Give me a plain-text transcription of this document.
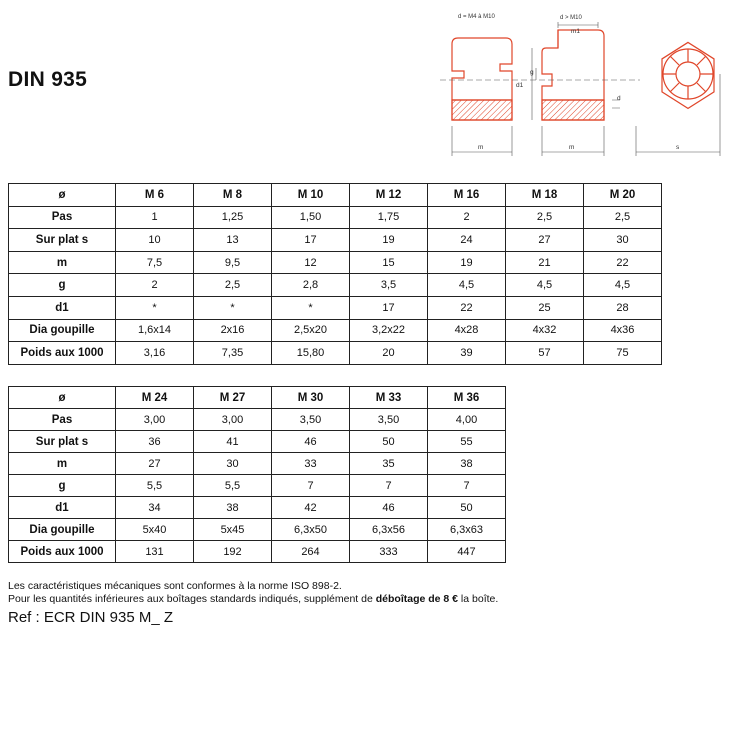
DIN 935
d = M4 à M10	d > M10
m1
g
d1
d
m	m	s
ø	M 6	M 8	M 10	M 12	M 16	M 18	M 20
Pas	1	1,25	1,50	1,75	2	2,5	2,5
Sur plat s	10	13	17	19	24	27	30
m	7,5	9,5	12	15	19	21	22
g	2	2,5	2,8	3,5	4,5	4,5	4,5
d1	*	*	*	17	22	25	28
Dia goupille	1,6x14	2x16	2,5x20	3,2x22	4x28	4x32	4x36
Poids aux 1000	3,16	7,35	15,80	20	39	57	75
ø	M 24	M 27	M 30	M 33	M 36
Pas	3,00	3,00	3,50	3,50	4,00
Sur plat s	36	41	46	50	55
m	27	30	33	35	38
g	5,5	5,5	7	7	7
d1	34	38	42	46	50
Dia goupille	5x40	5x45	6,3x50	6,3x56	6,3x63
Poids aux 1000	131	192	264	333	447
Les caractéristiques mécaniques sont conformes à la norme ISO 898-2.
Pour les quantités inférieures aux boîtages standards indiqués, supplément de déboîtage de 8 € la boîte.
Ref : ECR DIN 935 M_ Z
